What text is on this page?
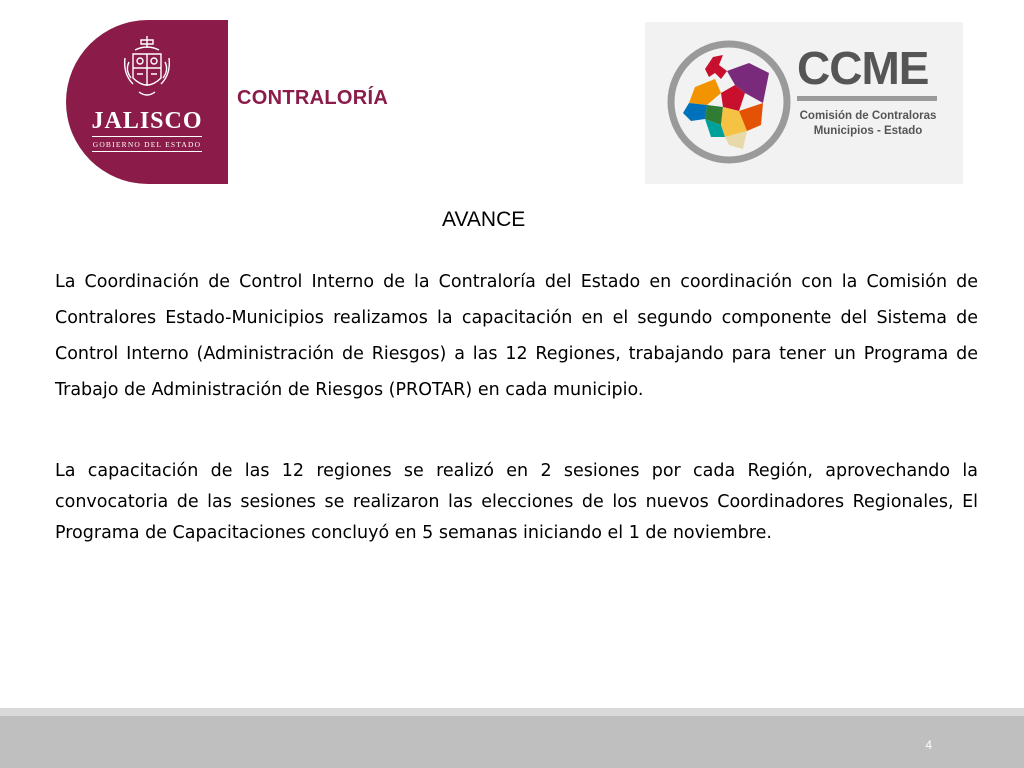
JALISCO
GOBIERNO DEL ESTADO
CONTRALORÍA
CCME
Comisión de Contraloras
Municipios - Estado
AVANCE
La Coordinación de Control Interno de la Contraloría del Estado en coordinación con la Comisión de Contralores Estado-Municipios realizamos la capacitación en el segundo componente del Sistema de Control Interno (Administración de Riesgos) a las 12 Regiones, trabajando para tener un Programa de Trabajo de Administración de Riesgos (PROTAR) en cada municipio.
La capacitación de las 12 regiones se realizó en 2 sesiones por cada Región, aprovechando la convocatoria de las sesiones se realizaron las elecciones de los nuevos Coordinadores Regionales, El Programa de Capacitaciones concluyó en 5 semanas iniciando el 1 de noviembre.
4
